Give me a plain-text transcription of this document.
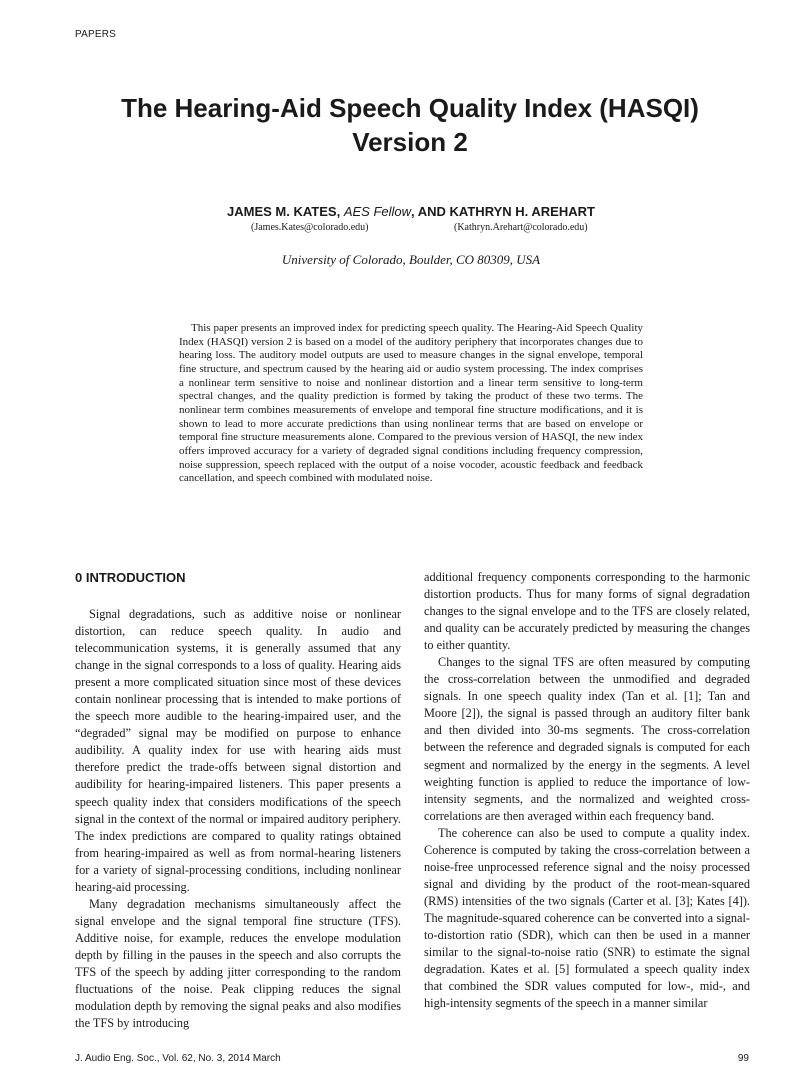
PAPERS
The Hearing-Aid Speech Quality Index (HASQI)
Version 2
JAMES M. KATES, AES Fellow, AND KATHRYN H. AREHART
(James.Kates@colorado.edu)	(Kathryn.Arehart@colorado.edu)
University of Colorado, Boulder, CO 80309, USA

This paper presents an improved index for predicting speech quality. The Hearing-Aid Speech Quality Index (HASQI) version 2 is based on a model of the auditory periphery that incorporates changes due to hearing loss. The auditory model outputs are used to measure changes in the signal envelope, temporal fine structure, and spectrum caused by the hearing aid or audio system processing. The index comprises a nonlinear term sensitive to noise and nonlinear distortion and a linear term sensitive to long-term spectral changes, and the quality prediction is formed by taking the product of these two terms. The nonlinear term combines measurements of envelope and temporal fine structure modifications, and it is shown to lead to more accurate predictions than using nonlinear terms that are based on envelope or temporal fine structure measurements alone. Compared to the previous version of HASQI, the new index offers improved accuracy for a variety of degraded signal conditions including frequency compression, noise suppression, speech replaced with the output of a noise vocoder, acoustic feedback and feedback cancellation, and speech combined with modulated noise.

0 INTRODUCTION

Signal degradations, such as additive noise or nonlinear distortion, can reduce speech quality. In audio and telecommunication systems, it is generally assumed that any change in the signal corresponds to a loss of quality. Hearing aids present a more complicated situation since most of these devices contain nonlinear processing that is intended to make portions of the speech more audible to the hearing-impaired user, and the “degraded” signal may be modified on purpose to enhance audibility. A quality index for use with hearing aids must therefore predict the trade-offs between signal distortion and audibility for hearing-impaired listeners. This paper presents a speech quality index that considers modifications of the speech signal in the context of the normal or impaired auditory periphery. The index predictions are compared to quality ratings obtained from hearing-impaired as well as from normal-hearing listeners for a variety of signal-processing conditions, including nonlinear hearing-aid processing.

Many degradation mechanisms simultaneously affect the signal envelope and the signal temporal fine structure (TFS). Additive noise, for example, reduces the envelope modulation depth by filling in the pauses in the speech and also corrupts the TFS of the speech by adding jitter corresponding to the random fluctuations of the noise. Peak clipping reduces the signal modulation depth by removing the signal peaks and also modifies the TFS by introducing

additional frequency components corresponding to the harmonic distortion products. Thus for many forms of signal degradation changes to the signal envelope and to the TFS are closely related, and quality can be accurately predicted by measuring the changes to either quantity.

Changes to the signal TFS are often measured by computing the cross-correlation between the unmodified and degraded signals. In one speech quality index (Tan et al. [1]; Tan and Moore [2]), the signal is passed through an auditory filter bank and then divided into 30-ms segments. The cross-correlation between the reference and degraded signals is computed for each segment and normalized by the energy in the segments. A level weighting function is applied to reduce the importance of low-intensity segments, and the normalized and weighted cross-correlations are then averaged within each frequency band.

The coherence can also be used to compute a quality index. Coherence is computed by taking the cross-correlation between a noise-free unprocessed reference signal and the noisy processed signal and dividing by the product of the root-mean-squared (RMS) intensities of the two signals (Carter et al. [3]; Kates [4]). The magnitude-squared coherence can be converted into a signal-to-distortion ratio (SDR), which can then be used in a manner similar to the signal-to-noise ratio (SNR) to estimate the signal degradation. Kates et al. [5] formulated a speech quality index that combined the SDR values computed for low-, mid-, and high-intensity segments of the speech in a manner similar

J. Audio Eng. Soc., Vol. 62, No. 3, 2014 March	99
